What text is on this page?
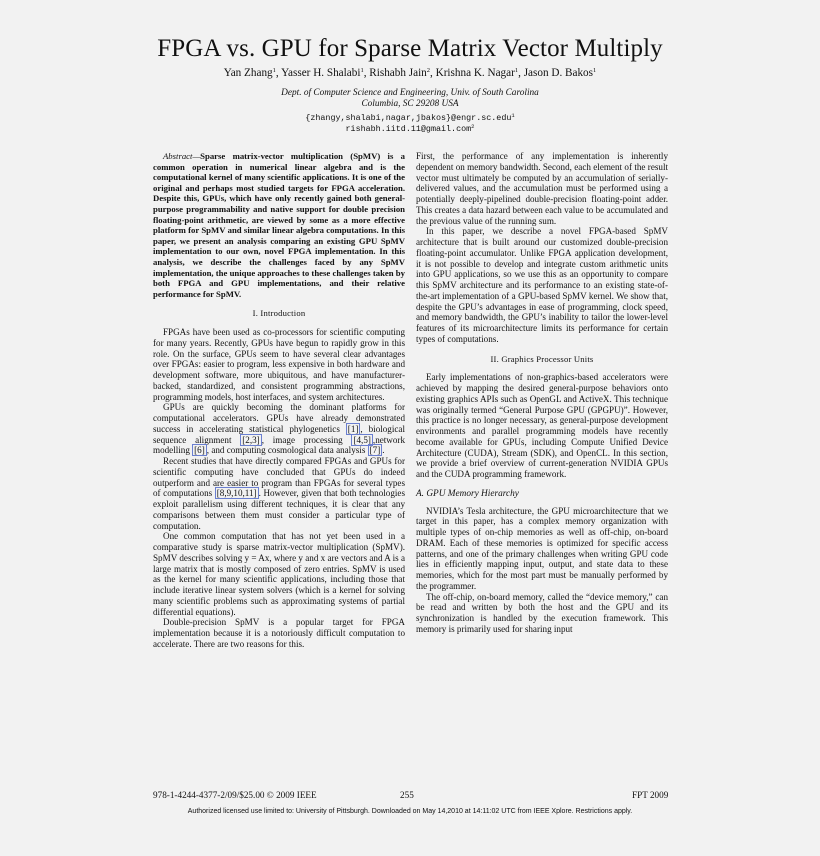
FPGA vs. GPU for Sparse Matrix Vector Multiply
Yan Zhang$^1$, Yasser H. Shalabi$^1$, Rishabh Jain$^2$, Krishna K. Nagar$^1$, Jason D. Bakos$^1$
Dept. of Computer Science and Engineering, Univ. of South Carolina
Columbia, SC 29208 USA
{zhangy,shalabi,nagar,jbakos}@engr.sc.edu$^1$
rishabh.iitd.11@gmail.com$^2$

Abstract—Sparse matrix-vector multiplication (SpMV) is a common operation in numerical linear algebra and is the computational kernel of many scientific applications. It is one of the original and perhaps most studied targets for FPGA acceleration. Despite this, GPUs, which have only recently gained both general-purpose programmability and native support for double precision floating-point arithmetic, are viewed by some as a more effective platform for SpMV and similar linear algebra computations. In this paper, we present an analysis comparing an existing GPU SpMV implementation to our own, novel FPGA implementation. In this analysis, we describe the challenges faced by any SpMV implementation, the unique approaches to these challenges taken by both FPGA and GPU implementations, and their relative performance for SpMV.

I. Introduction

FPGAs have been used as co-processors for scientific computing for many years. Recently, GPUs have begun to rapidly grow in this role. On the surface, GPUs seem to have several clear advantages over FPGAs: easier to program, less expensive in both hardware and development software, more ubiquitous, and have manufacturer-backed, standardized, and consistent programming abstractions, programming models, host interfaces, and system architectures.

GPUs are quickly becoming the dominant platforms for computational accelerators. GPUs have already demonstrated success in accelerating statistical phylogenetics [1] , biological sequence alignment [2,3] , image processing [4,5] ,network modelling [6] , and computing cosmological data analysis [7] .

Recent studies that have directly compared FPGAs and GPUs for scientific computing have concluded that GPUs do indeed outperform and are easier to program than FPGAs for several types of computations [8,9,10,11] . However, given that both technologies exploit parallelism using different techniques, it is clear that any comparisons between them must consider a particular type of computation.

One common computation that has not yet been used in a comparative study is sparse matrix-vector multiplication (SpMV). SpMV describes solving y = Ax, where y and x are vectors and A is a large matrix that is mostly composed of zero entries. SpMV is used as the kernel for many scientific applications, including those that include iterative linear system solvers (which is a kernel for solving many scientific problems such as approximating systems of partial differential equations).

Double-precision SpMV is a popular target for FPGA implementation because it is a notoriously difficult computation to accelerate. There are two reasons for this.

First, the performance of any implementation is inherently dependent on memory bandwidth. Second, each element of the result vector must ultimately be computed by an accumulation of serially-delivered values, and the accumulation must be performed using a potentially deeply-pipelined double-precision floating-point adder. This creates a data hazard between each value to be accumulated and the previous value of the running sum.

In this paper, we describe a novel FPGA-based SpMV architecture that is built around our customized double-precision floating-point accumulator. Unlike FPGA application development, it is not possible to develop and integrate custom arithmetic units into GPU applications, so we use this as an opportunity to compare this SpMV architecture and its performance to an existing state-of-the-art implementation of a GPU-based SpMV kernel. We show that, despite the GPU’s advantages in ease of programming, clock speed, and memory bandwidth, the GPU’s inability to tailor the lower-level features of its microarchitecture limits its performance for certain types of computations.

II. Graphics Processor Units

Early implementations of non-graphics-based accelerators were achieved by mapping the desired general-purpose behaviors onto existing graphics APIs such as OpenGL and ActiveX. This technique was originally termed “General Purpose GPU (GPGPU)”. However, this practice is no longer necessary, as general-purpose development environments and parallel programming models have recently become available for GPUs, including Compute Unified Device Architecture (CUDA), Stream (SDK), and OpenCL. In this section, we provide a brief overview of current-generation NVIDIA GPUs and the CUDA programming framework.

A. GPU Memory Hierarchy

NVIDIA’s Tesla architecture, the GPU microarchitecture that we target in this paper, has a complex memory organization with multiple types of on-chip memories as well as off-chip, on-board DRAM. Each of these memories is optimized for specific access patterns, and one of the primary challenges when writing GPU code lies in efficiently mapping input, output, and state data to these memories, which for the most part must be manually performed by the programmer.

The off-chip, on-board memory, called the “device memory,” can be read and written by both the host and the GPU and its synchronization is handled by the execution framework. This memory is primarily used for sharing input

978-1-4244-4377-2/09/$25.00 © 2009 IEEE	255	FPT 2009
Authorized licensed use limited to: University of Pittsburgh. Downloaded on May 14,2010 at 14:11:02 UTC from IEEE Xplore. Restrictions apply.
